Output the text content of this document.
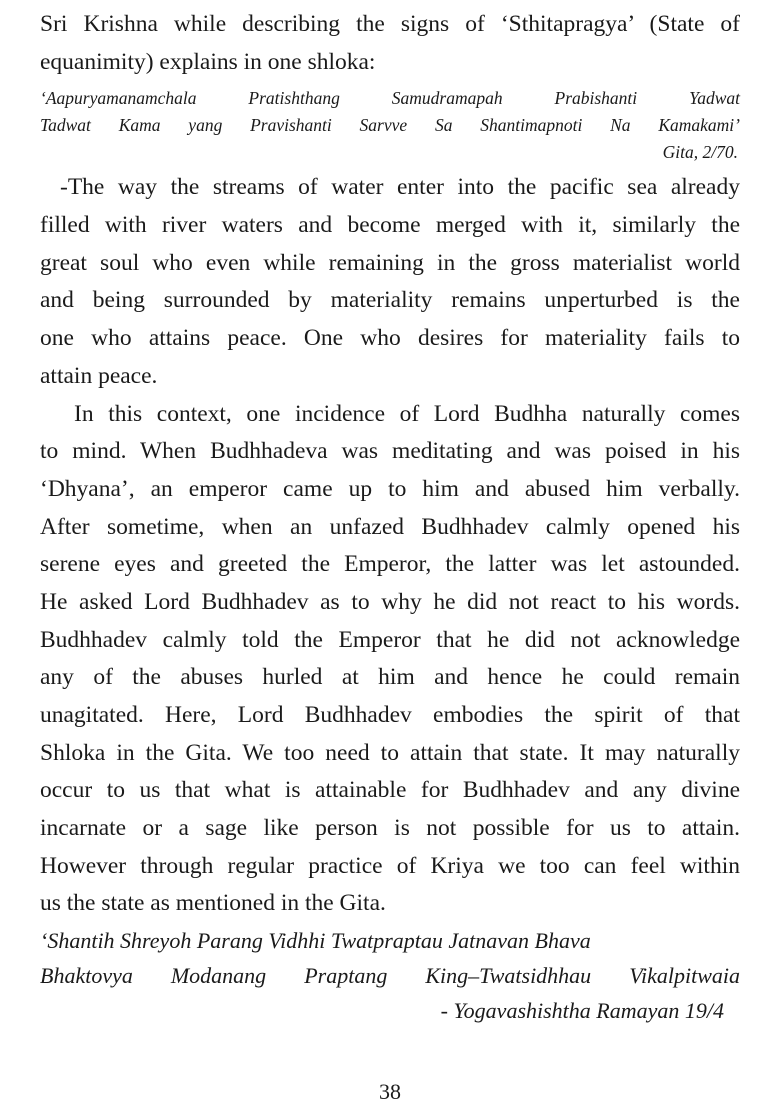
Sri Krishna while describing the signs of ‘Sthitapragya’ (State of
equanimity) explains in one shloka:
‘Aapuryamanamchala Pratishthang Samudramapah Prabishanti Yadwat
Tadwat Kama yang Pravishanti Sarvve Sa Shantimapnoti Na Kamakami’
Gita, 2/70.
-The way the streams of water enter into the pacific sea already
filled with river waters and become merged with it, similarly the
great soul who even while remaining in the gross materialist world
and being surrounded by materiality remains unperturbed is the
one who attains peace. One who desires for materiality fails to
attain peace.
In this context, one incidence of Lord Budhha naturally comes
to mind. When Budhhadeva was meditating and was poised in his
‘Dhyana’, an emperor came up to him and abused him verbally.
After sometime, when an unfazed Budhhadev calmly opened his
serene eyes and greeted the Emperor, the latter was let astounded.
He asked Lord Budhhadev as to why he did not react to his words.
Budhhadev calmly told the Emperor that he did not acknowledge
any of the abuses hurled at him and hence he could remain
unagitated. Here, Lord Budhhadev embodies the spirit of that
Shloka in the Gita. We too need to attain that state. It may naturally
occur to us that what is attainable for Budhhadev and any divine
incarnate or a sage like person is not possible for us to attain.
However through regular practice of Kriya we too can feel within
us the state as mentioned in the Gita.
‘Shantih Shreyoh Parang Vidhhi Twatpraptau Jatnavan Bhava
Bhaktovya Modanang Praptang King–Twatsidhhau Vikalpitwaia
- Yogavashishtha Ramayan 19/4
38
